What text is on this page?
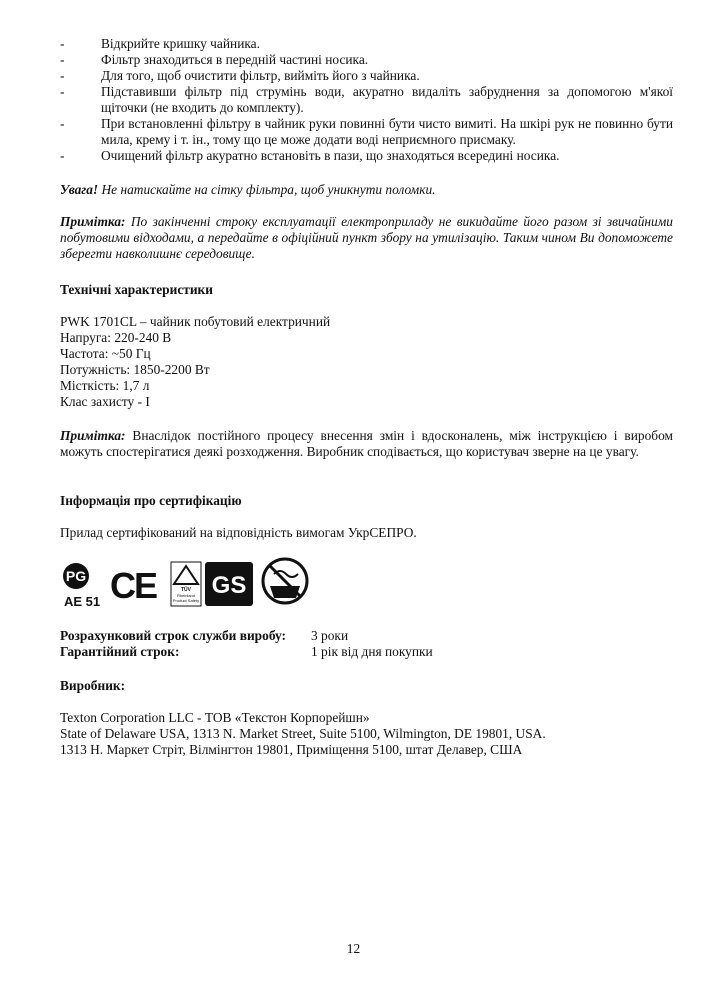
-	Відкрийте кришку чайника.
-	Фільтр знаходиться в передній частині носика.
-	Для того, щоб очистити фільтр, вийміть його з чайника.
-	Підставивши фільтр під струмінь води, акуратно видаліть забруднення за допомогою м'якої щіточки (не входить до комплекту).
-	При встановленні фільтру в чайник руки повинні бути чисто вимиті. На шкірі рук не повинно бути мила, крему і т. ін., тому що це може додати воді неприємного присмаку.
-	Очищений фільтр акуратно встановіть в пази, що знаходяться всередині носика.

Увага! Не натискайте на сітку фільтра, щоб уникнути поломки.

Примітка: По закінченні строку експлуатації електроприладу не викидайте його разом зі звичайними побутовими відходами, а передайте в офіційний пункт збору на утилізацію. Таким чином Ви допоможете зберегти навколишнє середовище.

Технічні характеристики

PWK 1701CL – чайник побутовий електричний
Напруга: 220-240 В
Частота: ~50 Гц
Потужність: 1850-2200 Вт
Місткість: 1,7 л
Клас захисту - I

Примітка: Внаслідок постійного процесу внесення змін і вдосконалень, між інструкцією і виробом можуть спостерігатися деякі розходження. Виробник сподівається, що користувач зверне на це увагу.

Інформація про сертифікацію

Прилад сертифікований на відповідність вимогам УкрСЕПРО.

PG
AE 51 CE	TÜV
Rheinland
Product Safety
GS
Розрахунковий строк служби виробу: 3 роки
Гарантійний строк:	1 рік від дня покупки

Виробник:

Texton Corporation LLC - ТОВ «Текстон Корпорейшн»
State of Delaware USA, 1313 N. Market Street, Suite 5100, Wilmington, DE 19801, USA.
1313 Н. Маркет Стріт, Вілмінгтон 19801, Приміщення 5100, штат Делавер, США
12
